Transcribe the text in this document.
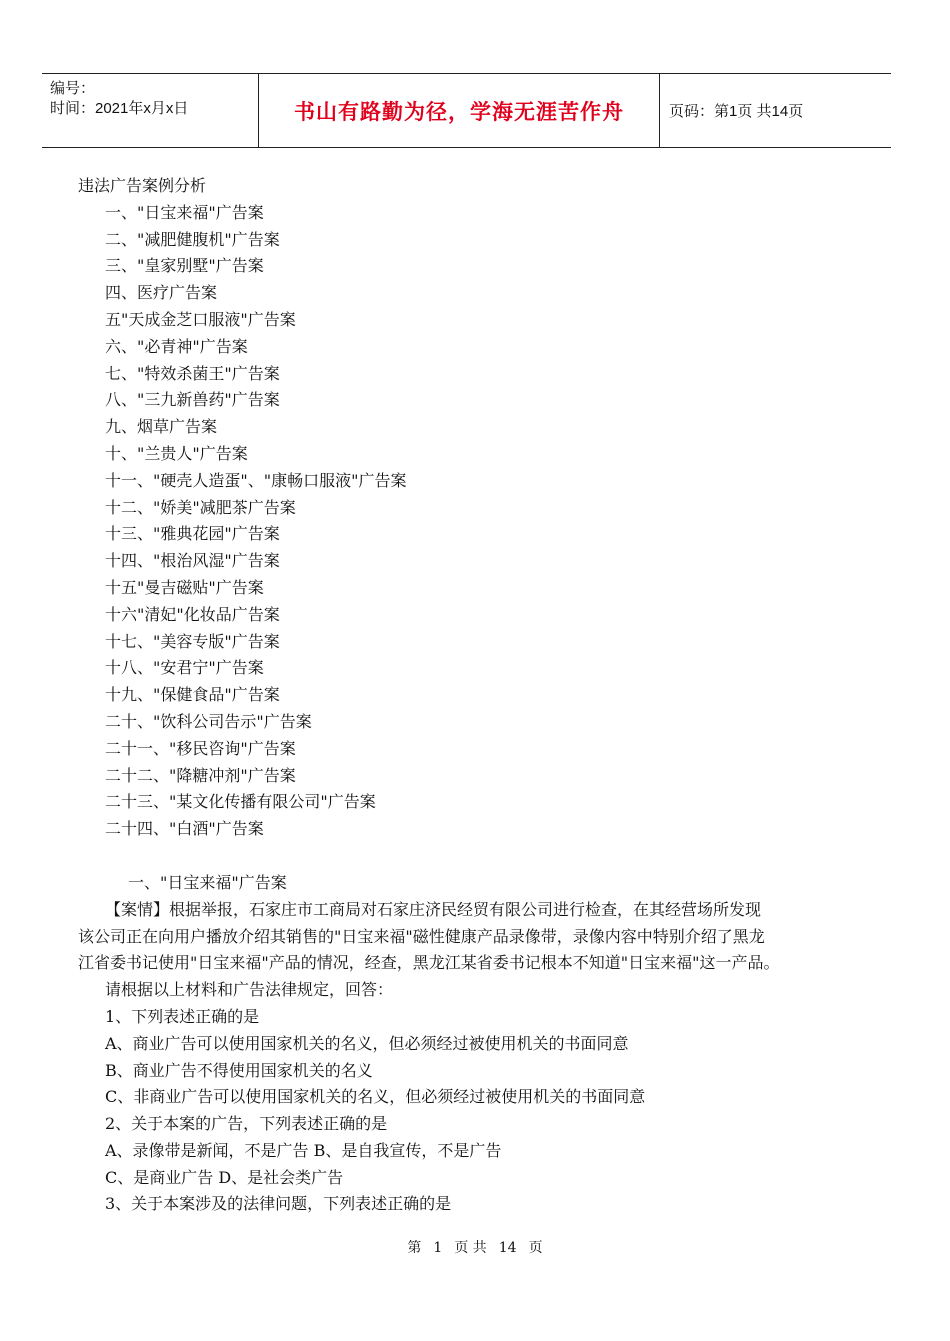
编号：
时间：2021年x月x日	书山有路勤为径，学海无涯苦作舟	页码：第1页 共14页
违法广告案例分析
一、"日宝来福"广告案
二、"减肥健腹机"广告案
三、"皇家别墅"广告案
四、医疗广告案
五"天成金芝口服液"广告案
六、"必青神"广告案
七、"特效杀菌王"广告案
八、"三九新兽药"广告案
九、烟草广告案
十、"兰贵人"广告案
十一、"硬壳人造蛋"、"康畅口服液"广告案
十二、"娇美"减肥茶广告案
十三、"雅典花园"广告案
十四、"根治风湿"广告案
十五"曼吉磁贴"广告案
十六"清妃"化妆品广告案
十七、"美容专版"广告案
十八、"安君宁"广告案
十九、"保健食品"广告案
二十、"饮科公司告示"广告案
二十一、"移民咨询"广告案
二十二、"降糖冲剂"广告案
二十三、"某文化传播有限公司"广告案
二十四、"白酒"广告案
一、"日宝来福"广告案
【案情】根据举报，石家庄市工商局对石家庄济民经贸有限公司进行检查，在其经营场所发现
该公司正在向用户播放介绍其销售的"日宝来福"磁性健康产品录像带，录像内容中特别介绍了黑龙
江省委书记使用"日宝来福"产品的情况，经查，黑龙江某省委书记根本不知道"日宝来福"这一产品。
请根据以上材料和广告法律规定，回答：
1、下列表述正确的是
A、商业广告可以使用国家机关的名义，但必须经过被使用机关的书面同意
B、商业广告不得使用国家机关的名义
C、非商业广告可以使用国家机关的名义，但必须经过被使用机关的书面同意
2、关于本案的广告，下列表述正确的是
A、录像带是新闻，不是广告 B、是自我宣传，不是广告
C、是商业广告 D、是社会类广告
3、关于本案涉及的法律问题，下列表述正确的是
第 1 页 共 14 页
